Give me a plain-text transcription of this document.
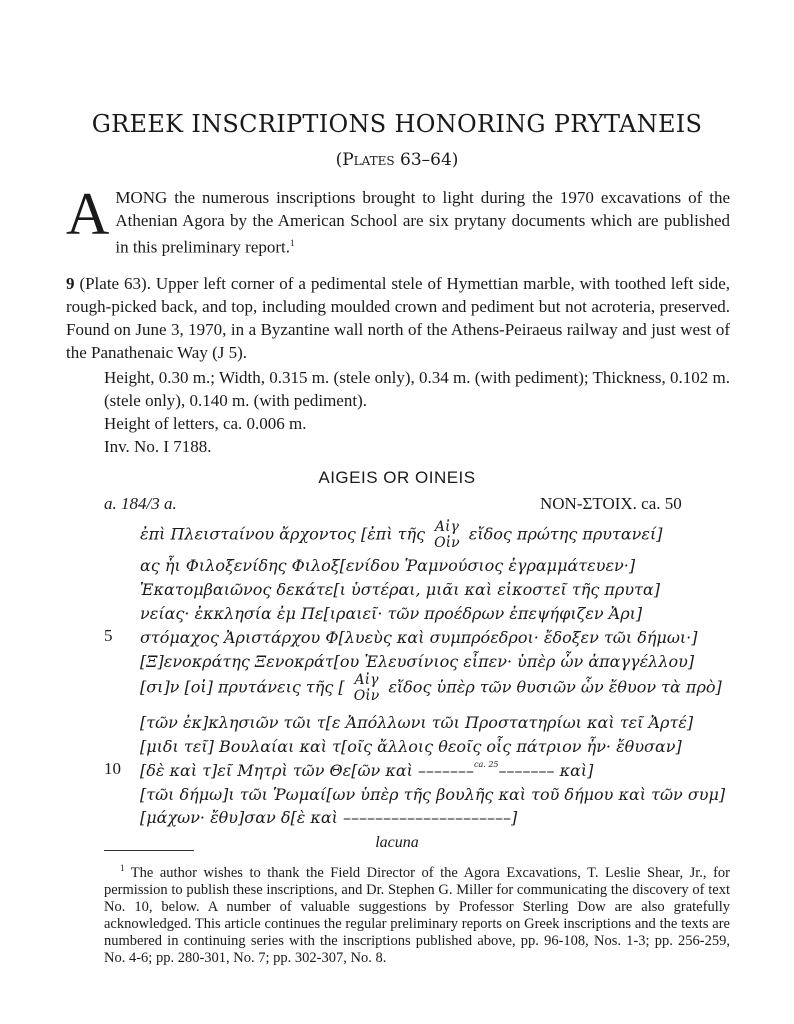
GREEK INSCRIPTIONS HONORING PRYTANEIS
(Plates 63–64)
AMONG the numerous inscriptions brought to light during the 1970 excavations of the Athenian Agora by the American School are six prytany documents which are published in this preliminary report.$^1$
9 (Plate 63). Upper left corner of a pedimental stele of Hymettian marble, with toothed left side, rough-picked back, and top, including moulded crown and pediment but not acroteria, preserved. Found on June 3, 1970, in a Byzantine wall north of the Athens-Peiraeus railway and just west of the Panathenaic Way (J 5).
Height, 0.30 m.; Width, 0.315 m. (stele only), 0.34 m. (with pediment); Thickness, 0.102 m. (stele only), 0.140 m. (with pediment).
Height of letters, ca. 0.006 m.
Inv. No. I 7188.
AIGEIS OR OINEIS
a. 184/3 a.	NON-ΣΤΟΙΧ. ca. 50
ἐπὶ Πλειστaίνου ἄρχοντος [ἐπὶ τῆς Αἰγ
Οἰν εἴδος πρώτης πρυτανεί]
ας ἧι Φιλοξενίδης Φιλοξ[ενίδου Ῥαμνούσιος ἐγραμμάτευεν·]
Ἑκατομβαιῶνος δεκάτε[ι ὑστέραι, μιᾶι καὶ εἰκοστεῖ τῆς πρυτα]
νείας· ἐκκλησία ἐμ Πε[ιραιεῖ· τῶν προέδρων ἐπεψήφιζεν Ἀρι]
5 στόμαχος Ἀριστάρχου Φ[λυεὺς καὶ συμπρόεδροι· ἔδοξεν τῶι δήμωι·]
[Ξ]ενοκράτης Ξενοκράτ[ου Ἐλευσίνιος εἶπεν· ὑπὲρ ὧν ἀπαγγέλλου]
[σι]ν [οἱ] πρυτάνεις τῆς [ Αἰγ
Οἰν εἴδος ὑπὲρ τῶν θυσιῶν ὧν ἔθυον τὰ πρὸ]
[τῶν ἐκ]κλησιῶν τῶι τ[ε Ἀπόλλωνι τῶι Προστατηρίωι καὶ τεῖ Ἀρτέ]
[μιδι τεῖ] Βουλαίαι καὶ τ[οῖς ἄλλοις θεοῖς οἷς πάτριον ἦν· ἔθυσαν]
10 [δὲ καὶ τ]εῖ Μητρὶ τῶν Θε[ῶν καὶ –––––––$^{ca. 25}$––––––– καὶ]
[τῶι δήμω]ι τῶι Ῥωμαί[ων ὑπὲρ τῆς βουλῆς καὶ τοῦ δήμου καὶ τῶν συμ]
[μάχων· ἔθυ]σαν δ[ὲ καὶ –––––––––––––––––––––]
lacuna
$^1$ The author wishes to thank the Field Director of the Agora Excavations, T. Leslie Shear, Jr., for permission to publish these inscriptions, and Dr. Stephen G. Miller for communicating the discovery of text No. 10, below. A number of valuable suggestions by Professor Sterling Dow are also gratefully acknowledged. This article continues the regular preliminary reports on Greek inscriptions and the texts are numbered in continuing series with the inscriptions published above, pp. 96-108, Nos. 1-3; pp. 256-259, No. 4-6; pp. 280-301, No. 7; pp. 302-307, No. 8.
